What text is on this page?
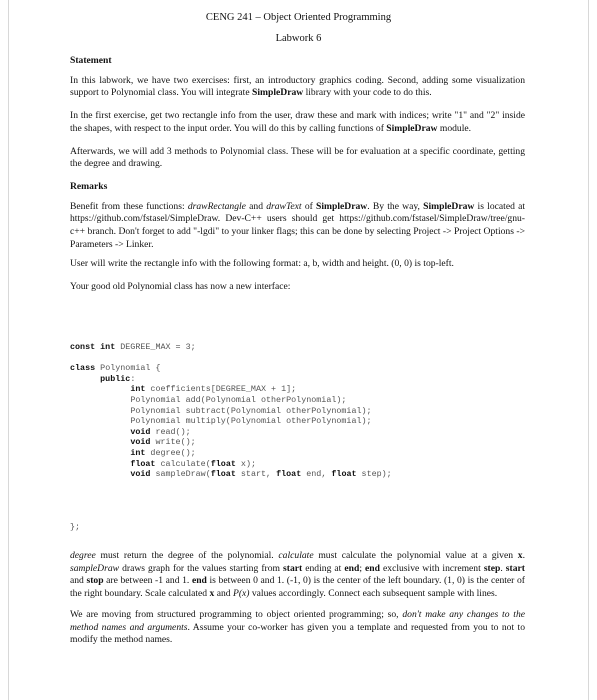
CENG 241 – Object Oriented Programming
Labwork 6
Statement
In this labwork, we have two exercises: first, an introductory graphics coding. Second, adding some visualization support to Polynomial class. You will integrate SimpleDraw library with your code to do this.
In the first exercise, get two rectangle info from the user, draw these and mark with indices; write "1" and "2" inside the shapes, with respect to the input order. You will do this by calling functions of SimpleDraw module.
Afterwards, we will add 3 methods to Polynomial class. These will be for evaluation at a specific coordinate, getting the degree and drawing.
Remarks
Benefit from these functions: drawRectangle and drawText of SimpleDraw. By the way, SimpleDraw is located at https://github.com/fstasel/SimpleDraw. Dev-C++ users should get https://github.com/fstasel/SimpleDraw/tree/gnu-c++ branch. Don't forget to add "-lgdi" to your linker flags; this can be done by selecting Project -> Project Options -> Parameters -> Linker.
User will write the rectangle info with the following format: a, b, width and height. (0, 0) is top-left.
Your good old Polynomial class has now a new interface:
const int DEGREE_MAX = 3;

class Polynomial {
public:
int coefficients[DEGREE_MAX + 1];
Polynomial add(Polynomial otherPolynomial);
Polynomial subtract(Polynomial otherPolynomial);
Polynomial multiply(Polynomial otherPolynomial);
void read();
void write();
int degree();
float calculate(float x);
void sampleDraw(float start, float end, float step);
};
degree must return the degree of the polynomial. calculate must calculate the polynomial value at a given x. sampleDraw draws graph for the values starting from start ending at end; end exclusive with increment step. start and stop are between -1 and 1. end is between 0 and 1. (-1, 0) is the center of the left boundary. (1, 0) is the center of the right boundary. Scale calculated x and P(x) values accordingly. Connect each subsequent sample with lines.
We are moving from structured programming to object oriented programming; so, don't make any changes to the method names and arguments. Assume your co-worker has given you a template and requested from you to not to modify the method names.
